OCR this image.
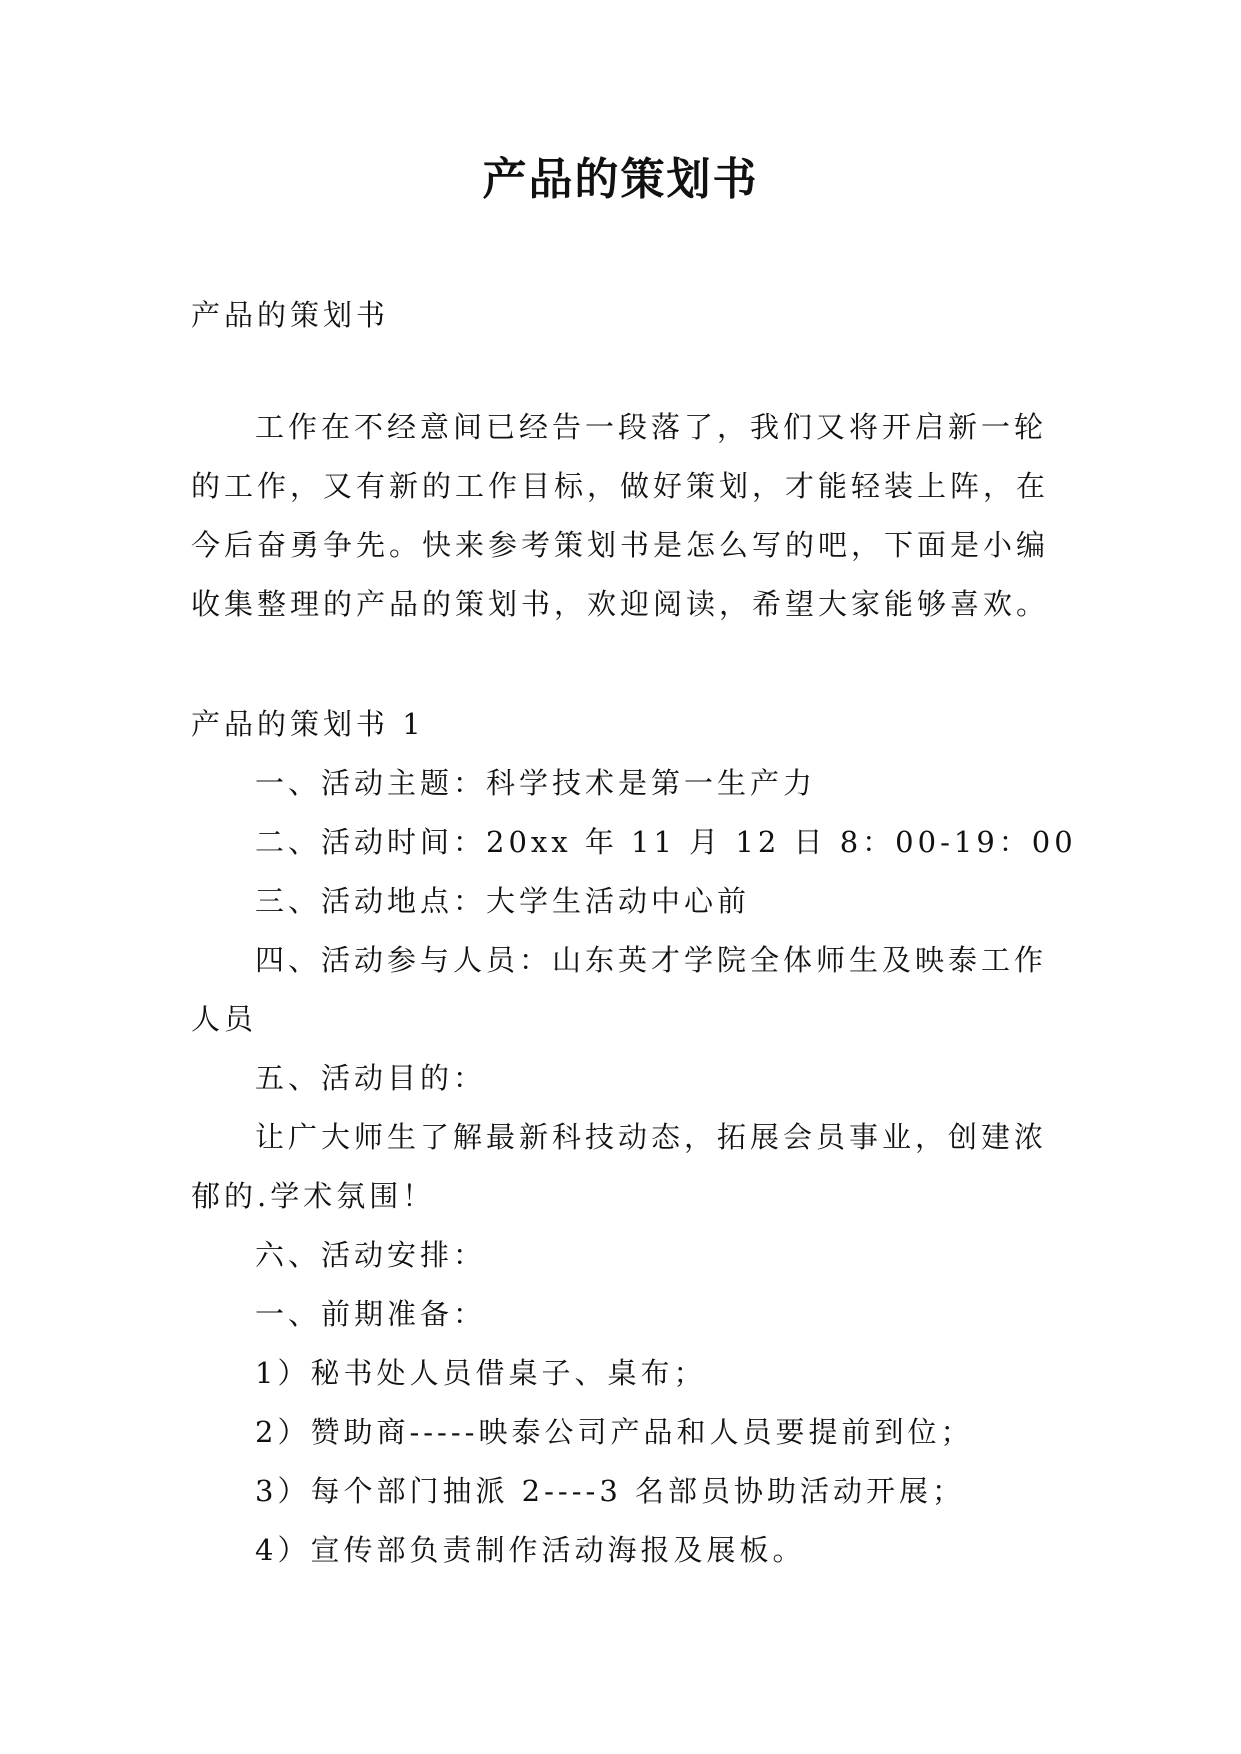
产品的策划书
产品的策划书
工作在不经意间已经告一段落了，我们又将开启新一轮
的工作，又有新的工作目标，做好策划，才能轻装上阵，在
今后奋勇争先。快来参考策划书是怎么写的吧，下面是小编
收集整理的产品的策划书，欢迎阅读，希望大家能够喜欢。
产品的策划书 1
一、活动主题：科学技术是第一生产力
二、活动时间：20xx 年 11 月 12 日 8：00-19：00
三、活动地点：大学生活动中心前
四、活动参与人员：山东英才学院全体师生及映泰工作
人员
五、活动目的：
让广大师生了解最新科技动态，拓展会员事业，创建浓
郁的.学术氛围！
六、活动安排：
一、前期准备：
1）秘书处人员借桌子、桌布；
2）赞助商-----映泰公司产品和人员要提前到位；
3）每个部门抽派 2----3 名部员协助活动开展；
4）宣传部负责制作活动海报及展板。
